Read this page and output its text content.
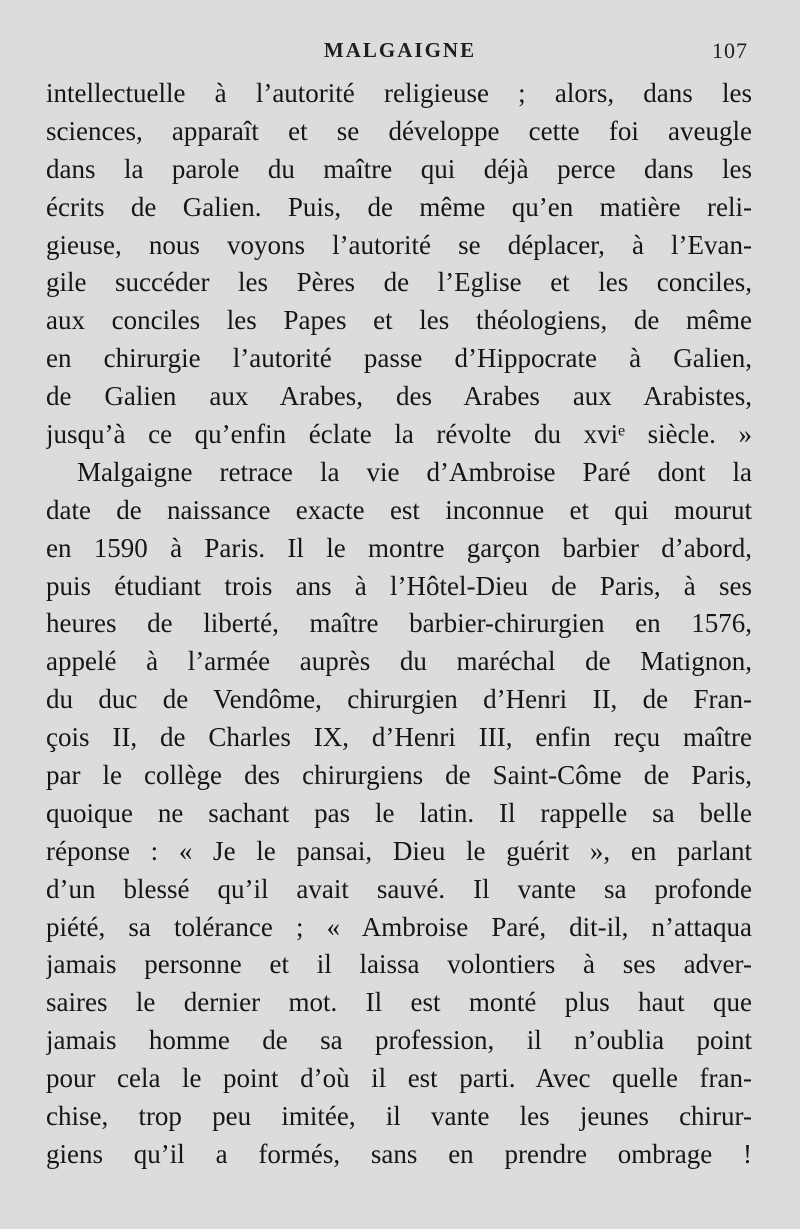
MALGAIGNE	107
intellectuelle à l’autorité religieuse ; alors, dans les
sciences, apparaît et se développe cette foi aveugle
dans la parole du maître qui déjà perce dans les
écrits de Galien. Puis, de même qu’en matière reli-
gieuse, nous voyons l’autorité se déplacer, à l’Evan-
gile succéder les Pères de l’Eglise et les conciles,
aux conciles les Papes et les théologiens, de même
en chirurgie l’autorité passe d’Hippocrate à Galien,
de Galien aux Arabes, des Arabes aux Arabistes,
jusqu’à ce qu’enfin éclate la révolte du xviᵉ siècle. »
Malgaigne retrace la vie d’Ambroise Paré dont la
date de naissance exacte est inconnue et qui mourut
en 1590 à Paris. Il le montre garçon barbier d’abord,
puis étudiant trois ans à l’Hôtel-Dieu de Paris, à ses
heures de liberté, maître barbier-chirurgien en 1576,
appelé à l’armée auprès du maréchal de Matignon,
du duc de Vendôme, chirurgien d’Henri II, de Fran-
çois II, de Charles IX, d’Henri III, enfin reçu maître
par le collège des chirurgiens de Saint-Côme de Paris,
quoique ne sachant pas le latin. Il rappelle sa belle
réponse : « Je le pansai, Dieu le guérit », en parlant
d’un blessé qu’il avait sauvé. Il vante sa profonde
piété, sa tolérance ; « Ambroise Paré, dit-il, n’attaqua
jamais personne et il laissa volontiers à ses adver-
saires le dernier mot. Il est monté plus haut que
jamais homme de sa profession, il n’oublia point
pour cela le point d’où il est parti. Avec quelle fran-
chise, trop peu imitée, il vante les jeunes chirur-
giens qu’il a formés, sans en prendre ombrage !
